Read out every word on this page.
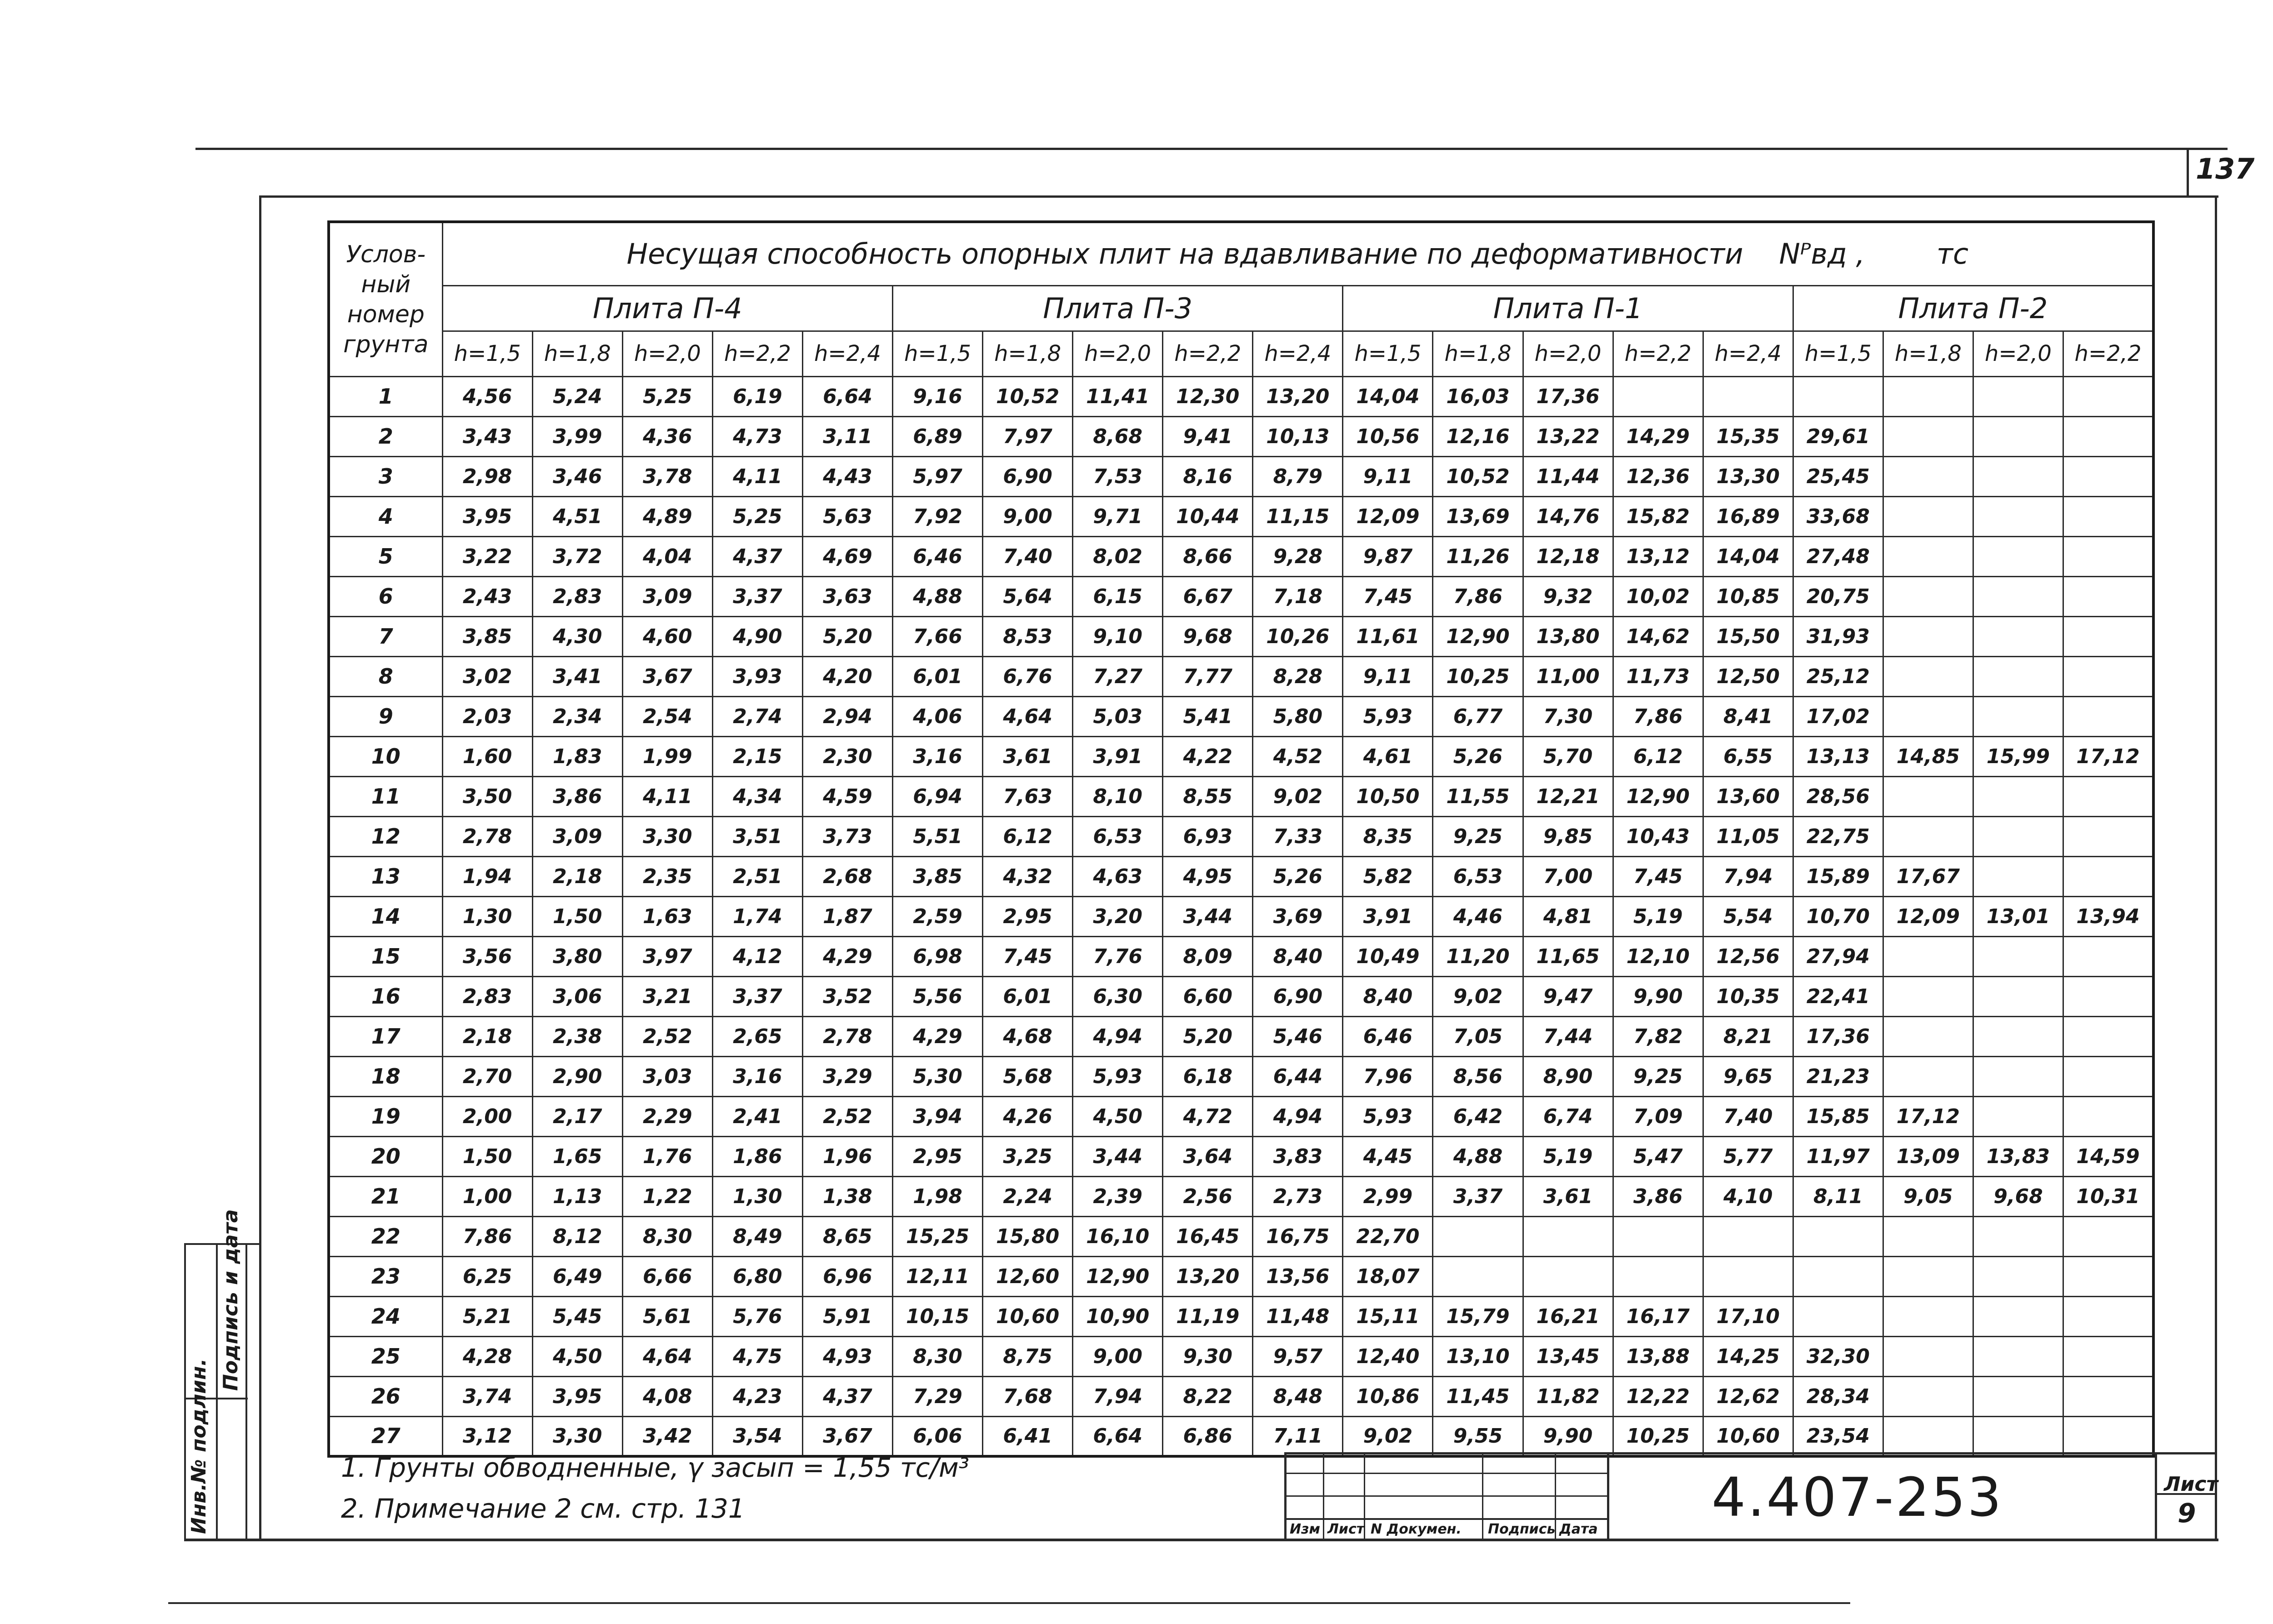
137
Инв.№ подлин.
Подпись и дата
Услов-ный номер грунта	Несущая способность опорных плит на вдавливание по деформативности Nᴾвд , тс																		
	Плита П-4					Плита П-3					Плита П-1					Плита П-2			
	h=1,5	h=1,8	h=2,0	h=2,2	h=2,4	h=1,5	h=1,8	h=2,0	h=2,2	h=2,4	h=1,5	h=1,8	h=2,0	h=2,2	h=2,4	h=1,5	h=1,8	h=2,0	h=2,2
1	4,56	5,24	5,25	6,19	6,64	9,16	10,52	11,41	12,30	13,20	14,04	16,03	17,36						
2	3,43	3,99	4,36	4,73	3,11	6,89	7,97	8,68	9,41	10,13	10,56	12,16	13,22	14,29	15,35	29,61			
3	2,98	3,46	3,78	4,11	4,43	5,97	6,90	7,53	8,16	8,79	9,11	10,52	11,44	12,36	13,30	25,45			
4	3,95	4,51	4,89	5,25	5,63	7,92	9,00	9,71	10,44	11,15	12,09	13,69	14,76	15,82	16,89	33,68			
5	3,22	3,72	4,04	4,37	4,69	6,46	7,40	8,02	8,66	9,28	9,87	11,26	12,18	13,12	14,04	27,48			
6	2,43	2,83	3,09	3,37	3,63	4,88	5,64	6,15	6,67	7,18	7,45	7,86	9,32	10,02	10,85	20,75			
7	3,85	4,30	4,60	4,90	5,20	7,66	8,53	9,10	9,68	10,26	11,61	12,90	13,80	14,62	15,50	31,93			
8	3,02	3,41	3,67	3,93	4,20	6,01	6,76	7,27	7,77	8,28	9,11	10,25	11,00	11,73	12,50	25,12			
9	2,03	2,34	2,54	2,74	2,94	4,06	4,64	5,03	5,41	5,80	5,93	6,77	7,30	7,86	8,41	17,02			
10	1,60	1,83	1,99	2,15	2,30	3,16	3,61	3,91	4,22	4,52	4,61	5,26	5,70	6,12	6,55	13,13	14,85	15,99	17,12
11	3,50	3,86	4,11	4,34	4,59	6,94	7,63	8,10	8,55	9,02	10,50	11,55	12,21	12,90	13,60	28,56			
12	2,78	3,09	3,30	3,51	3,73	5,51	6,12	6,53	6,93	7,33	8,35	9,25	9,85	10,43	11,05	22,75			
13	1,94	2,18	2,35	2,51	2,68	3,85	4,32	4,63	4,95	5,26	5,82	6,53	7,00	7,45	7,94	15,89	17,67		
14	1,30	1,50	1,63	1,74	1,87	2,59	2,95	3,20	3,44	3,69	3,91	4,46	4,81	5,19	5,54	10,70	12,09	13,01	13,94
15	3,56	3,80	3,97	4,12	4,29	6,98	7,45	7,76	8,09	8,40	10,49	11,20	11,65	12,10	12,56	27,94			
16	2,83	3,06	3,21	3,37	3,52	5,56	6,01	6,30	6,60	6,90	8,40	9,02	9,47	9,90	10,35	22,41			
17	2,18	2,38	2,52	2,65	2,78	4,29	4,68	4,94	5,20	5,46	6,46	7,05	7,44	7,82	8,21	17,36			
18	2,70	2,90	3,03	3,16	3,29	5,30	5,68	5,93	6,18	6,44	7,96	8,56	8,90	9,25	9,65	21,23			
19	2,00	2,17	2,29	2,41	2,52	3,94	4,26	4,50	4,72	4,94	5,93	6,42	6,74	7,09	7,40	15,85	17,12		
20	1,50	1,65	1,76	1,86	1,96	2,95	3,25	3,44	3,64	3,83	4,45	4,88	5,19	5,47	5,77	11,97	13,09	13,83	14,59
21	1,00	1,13	1,22	1,30	1,38	1,98	2,24	2,39	2,56	2,73	2,99	3,37	3,61	3,86	4,10	8,11	9,05	9,68	10,31
22	7,86	8,12	8,30	8,49	8,65	15,25	15,80	16,10	16,45	16,75	22,70								
23	6,25	6,49	6,66	6,80	6,96	12,11	12,60	12,90	13,20	13,56	18,07								
24	5,21	5,45	5,61	5,76	5,91	10,15	10,60	10,90	11,19	11,48	15,11	15,79	16,21	16,17	17,10				
25	4,28	4,50	4,64	4,75	4,93	8,30	8,75	9,00	9,30	9,57	12,40	13,10	13,45	13,88	14,25	32,30			
26	3,74	3,95	4,08	4,23	4,37	7,29	7,68	7,94	8,22	8,48	10,86	11,45	11,82	12,22	12,62	28,34			
27	3,12	3,30	3,42	3,54	3,67	6,06	6,41	6,64	6,86	7,11	9,02	9,55	9,90	10,25	10,60	23,54			
1. Грунты обводненные, γ засып = 1,55 тс/м³
2. Примечание 2 см. стр. 131
Изм Лист N Докумен. Подпись Дата
4.407-253	Лист
9
